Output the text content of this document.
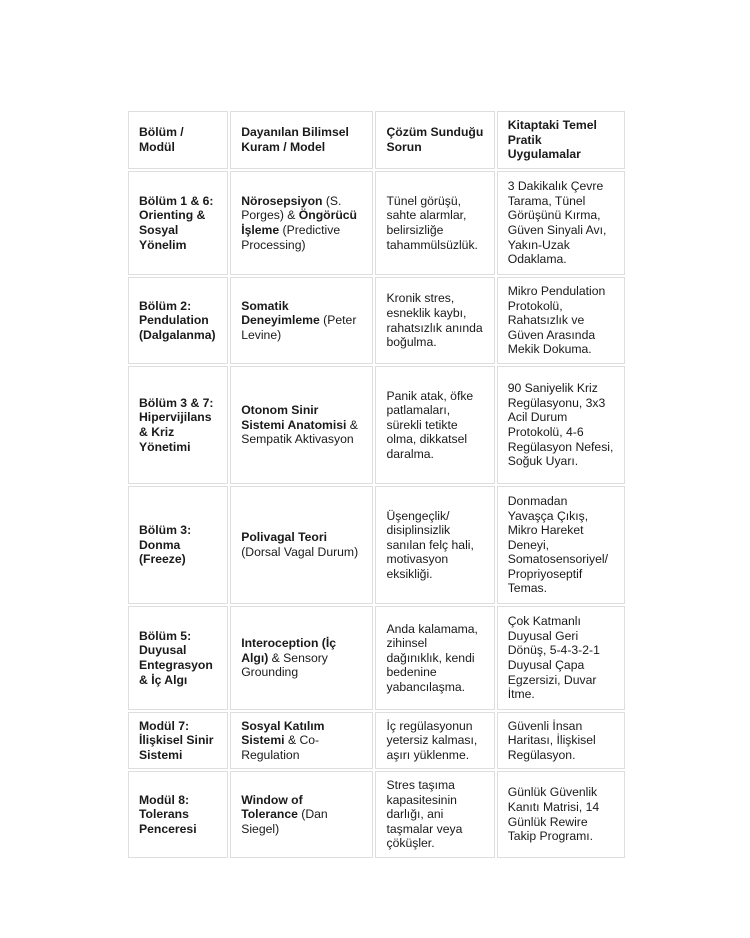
Bölüm / Modül	Dayanılan Bilimsel Kuram / Model	Çözüm Sunduğu Sorun	Kitaptaki Temel Pratik Uygulamalar
Bölüm 1 & 6: Orienting & Sosyal Yönelim	Nörosepsiyon (S. Porges) & Öngörücü İşleme (Predictive Processing)	Tünel görüşü, sahte alarmlar, belirsizliğe tahammülsüzlük.	3 Dakikalık Çevre Tarama, Tünel Görüşünü Kırma, Güven Sinyali Avı, Yakın-Uzak Odaklama.
Bölüm 2: Pendulation (Dalgalanma)	Somatik Deneyimleme (Peter Levine)	Kronik stres, esneklik kaybı, rahatsızlık anında boğulma.	Mikro Pendulation Protokolü, Rahatsızlık ve Güven Arasında Mekik Dokuma.
Bölüm 3 & 7: Hipervijilans & Kriz Yönetimi	Otonom Sinir Sistemi Anatomisi & Sempatik Aktivasyon	Panik atak, öfke patlamaları, sürekli tetikte olma, dikkatsel daralma.	90 Saniyelik Kriz Regülasyonu, 3x3 Acil Durum Protokolü, 4-6 Regülasyon Nefesi, Soğuk Uyarı.
Bölüm 3: Donma (Freeze)	Polivagal Teori (Dorsal Vagal Durum)	Üşengeçlik/ disiplinsizlik sanılan felç hali, motivasyon eksikliği.	Donmadan Yavaşça Çıkış, Mikro Hareket Deneyi, Somatosensoriyel/ Propriyoseptif Temas.
Bölüm 5: Duyusal Entegrasyon & İç Algı	Interoception (İç Algı) & Sensory Grounding	Anda kalamama, zihinsel dağınıklık, kendi bedenine yabancılaşma.	Çok Katmanlı Duyusal Geri Dönüş, 5-4-3-2-1 Duyusal Çapa Egzersizi, Duvar İtme.
Modül 7: İlişkisel Sinir Sistemi	Sosyal Katılım Sistemi & Co-Regulation	İç regülasyonun yetersiz kalması, aşırı yüklenme.	Güvenli İnsan Haritası, İlişkisel Regülasyon.
Modül 8: Tolerans Penceresi	Window of Tolerance (Dan Siegel)	Stres taşıma kapasitesinin darlığı, ani taşmalar veya çöküşler.	Günlük Güvenlik Kanıtı Matrisi, 14 Günlük Rewire Takip Programı.
